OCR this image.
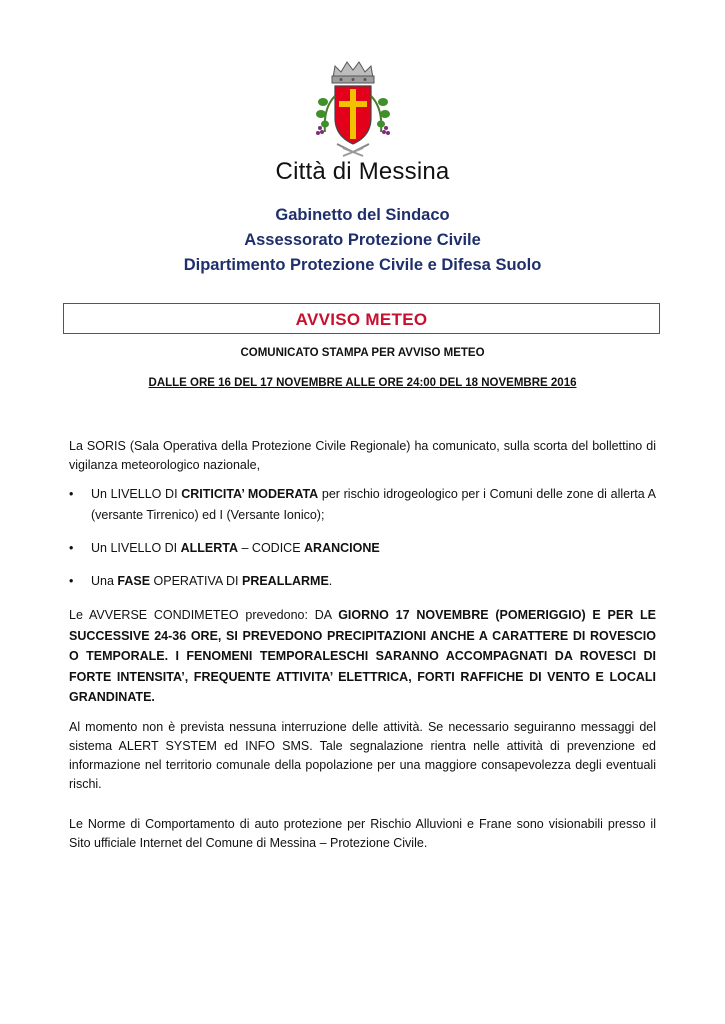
Città di Messina
Gabinetto del Sindaco
Assessorato Protezione Civile
Dipartimento Protezione Civile e Difesa Suolo
AVVISO METEO
COMUNICATO STAMPA PER AVVISO METEO
DALLE ORE 16 DEL 17 NOVEMBRE ALLE ORE 24:00 DEL 18 NOVEMBRE 2016
La SORIS (Sala Operativa della Protezione Civile Regionale) ha comunicato, sulla scorta del bollettino di vigilanza meteorologico nazionale,
•	Un LIVELLO DI CRITICITA’ MODERATA per rischio idrogeologico per i Comuni delle zone di allerta A (versante Tirrenico) ed I (Versante Ionico);
•	Un LIVELLO DI ALLERTA – CODICE ARANCIONE
•	Una FASE OPERATIVA DI PREALLARME.
Le AVVERSE CONDIMETEO prevedono: DA GIORNO 17 NOVEMBRE (POMERIGGIO) E PER LE SUCCESSIVE 24-36 ORE, SI PREVEDONO PRECIPITAZIONI ANCHE A CARATTERE DI ROVESCIO O TEMPORALE. I FENOMENI TEMPORALESCHI SARANNO ACCOMPAGNATI DA ROVESCI DI FORTE INTENSITA’, FREQUENTE ATTIVITA’ ELETTRICA, FORTI RAFFICHE DI VENTO E LOCALI GRANDINATE.
Al momento non è prevista nessuna interruzione delle attività. Se necessario seguiranno messaggi del sistema ALERT SYSTEM ed INFO SMS. Tale segnalazione rientra nelle attività di prevenzione ed informazione nel territorio comunale della popolazione per una maggiore consapevolezza degli eventuali rischi.
Le Norme di Comportamento di auto protezione per Rischio Alluvioni e Frane sono visionabili presso il Sito ufficiale Internet del Comune di Messina – Protezione Civile.
